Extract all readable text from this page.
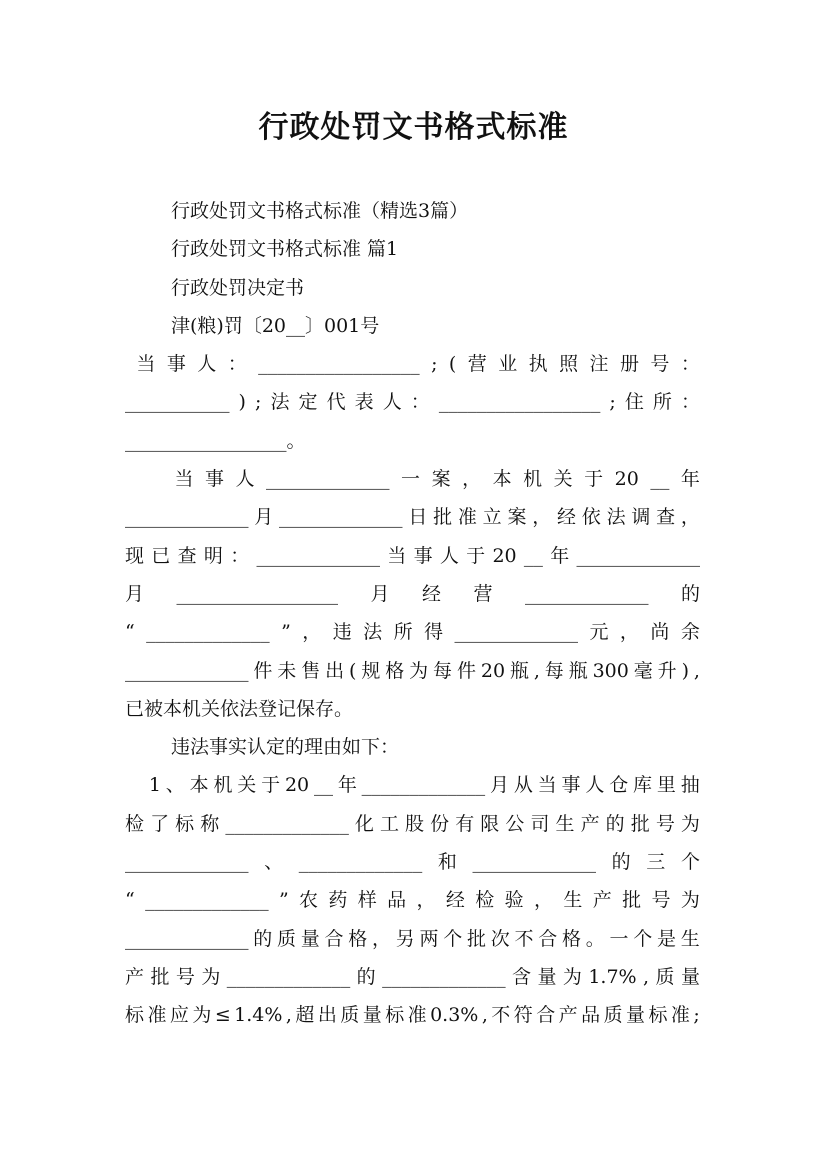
行政处罚文书格式标准
行政处罚文书格式标准（精选3篇）
行政处罚文书格式标准 篇1
行政处罚决定书
津(粮)罚〔20__〕001号
当 事 人 ： _________________ ; ( 营 业 执 照 注 册 号 ：
___________ ) ; 法 定 代 表 人 ： _________________ ; 住 所 ：
_________________。
当 事 人 _____________ 一 案 ， 本 机 关 于 20 __ 年
_____________ 月 _____________ 日 批 准 立 案 ， 经 依 法 调 查 ，
现 已 查 明 ： _____________ 当 事 人 于 20 __ 年 _____________
月 _________________ 月 经 营 _____________ 的
“ _____________ ” ， 违 法 所 得 _____________ 元 ， 尚 余
_____________ 件 未 售 出 ( 规 格 为 每 件 20 瓶 , 每 瓶 300 毫 升 ) ,
已被本机关依法登记保存。
违法事实认定的理由如下：
1 、 本 机 关 于 20 __ 年 _____________ 月 从 当 事 人 仓 库 里 抽
检 了 标 称 _____________ 化 工 股 份 有 限 公 司 生 产 的 批 号 为
_____________ 、 _____________ 和 _____________ 的 三 个
“ _____________ ” 农 药 样 品 ， 经 检 验 ， 生 产 批 号 为
_____________ 的 质 量 合 格 ， 另 两 个 批 次 不 合 格 。 一 个 是 生
产 批 号 为 _____________ 的 _____________ 含 量 为 1.7% , 质 量
标 准 应 为 ≤ 1.4% , 超 出 质 量 标 准 0.3% , 不 符 合 产 品 质 量 标 准 ;
